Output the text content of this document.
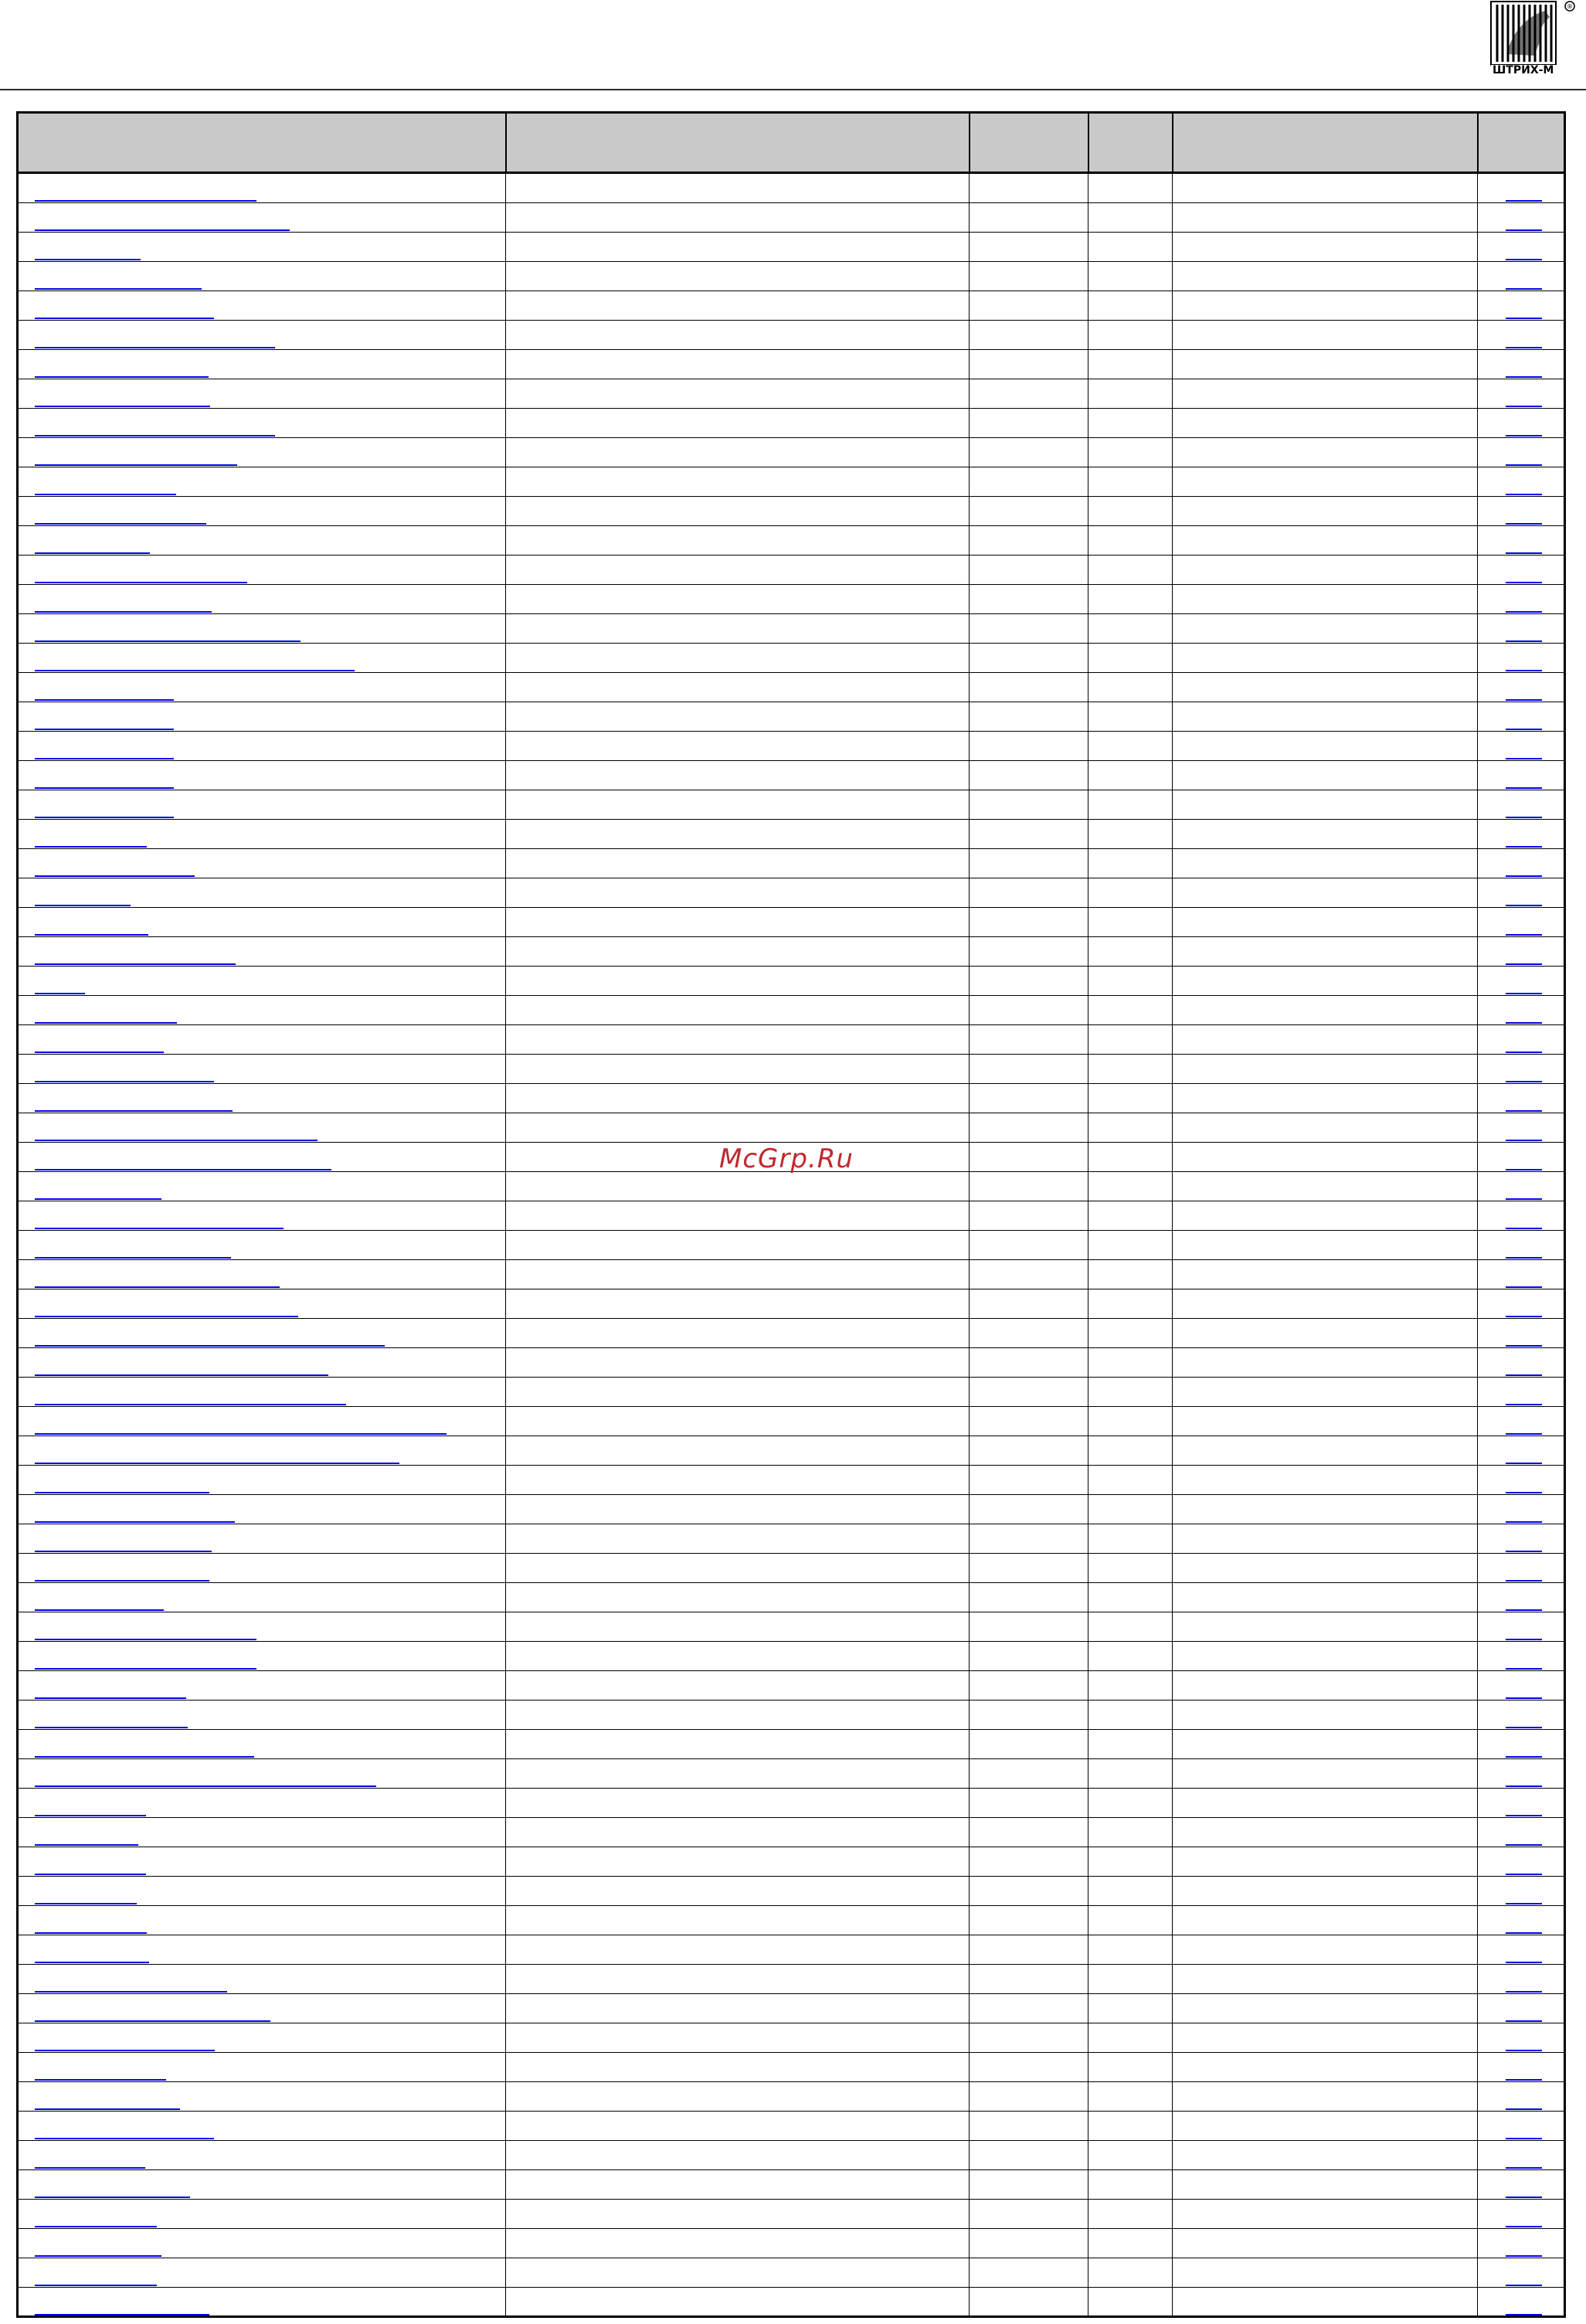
®
ШТРИХ-М
McGrp.Ru
